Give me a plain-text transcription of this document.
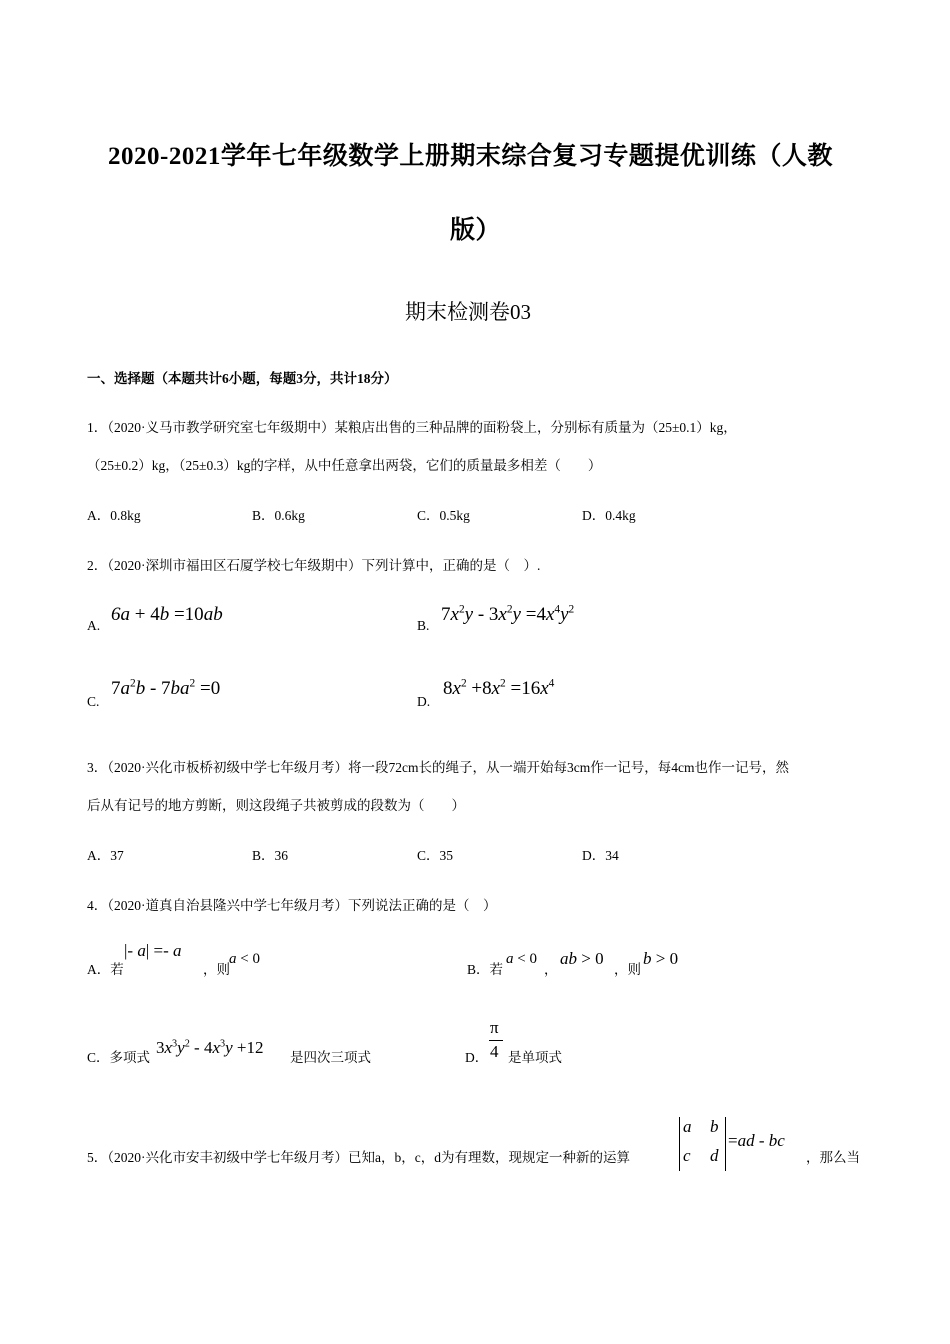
2020-2021学年七年级数学上册期末综合复习专题提优训练（人教
版）
期末检测卷03
一、选择题（本题共计6小题，每题3分，共计18分）
1．（2020·义马市教学研究室七年级期中）某粮店出售的三种品牌的面粉袋上，分别标有质量为（25±0.1）kg，
（25±0.2）kg，（25±0.3）kg的字样，从中任意拿出两袋，它们的质量最多相差（　　）
A．0.8kg	B．0.6kg	C．0.5kg	D．0.4kg
2．（2020·深圳市福田区石厦学校七年级期中）下列计算中，正确的是（　）.
A.
6a + 4b =10ab
B.
$7x^2y - 3x^2y =4x^4y^2$
C.
$7a^2b - 7ba^2 =0$
D.
$8x^2 +8x^2 =16x^4$
3．（2020·兴化市板桥初级中学七年级月考）将一段72cm长的绳子，从一端开始每3cm作一记号，每4cm也作一记号，然
后从有记号的地方剪断，则这段绳子共被剪成的段数为（　　）
A．37	B．36	C．35	D．34
4．（2020·道真自治县隆兴中学七年级月考）下列说法正确的是（　）
A．若
|- a| =- a
，则
a < 0
B．若
a < 0
，
ab > 0
，则
b > 0
C．多项式
$3x^3y^2 - 4x^3y +12$
是四次三项式	D．
π
4 是单项式
5．（2020·兴化市安丰初级中学七年级月考）已知a，b，c，d为有理数，现规定一种新的运算
a b
c d
=ad - bc
，那么当
